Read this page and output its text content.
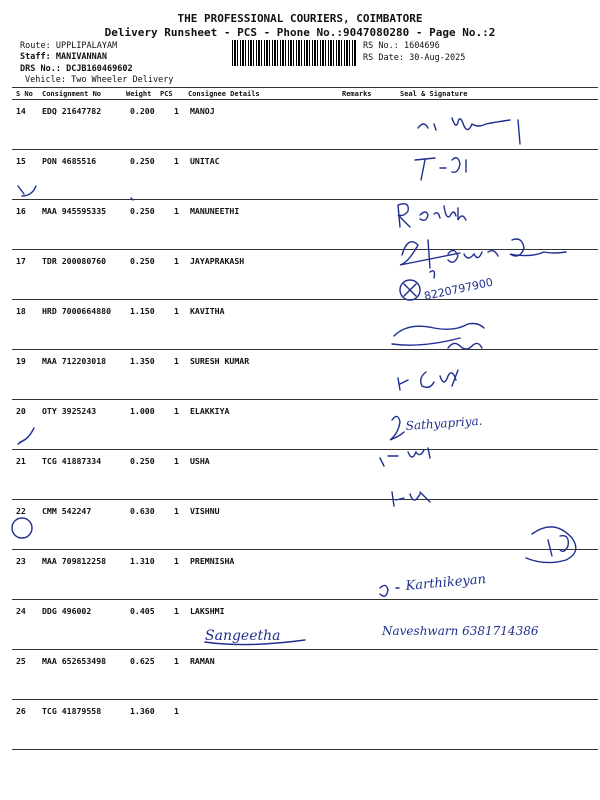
THE PROFESSIONAL COURIERS, COIMBATORE
Delivery Runsheet - PCS - Phone No.:9047080280 - Page No.:2
Route: UPPLIPALAYAM
Staff: MANIVANNAN
DRS No.: DCJB160469602
Vehicle: Two Wheeler Delivery
RS No.: 1604696
RS Date: 30-Aug-2025
S No Consignment No	Weight PCS Consignee Details	Remarks	Seal & Signature
14 EDQ 21647782	0.200 1 MANOJ
15 PON 4685516	0.250 1 UNITAC
16 MAA 945595335	0.250 1 MANUNEETHI
17 TDR 200080760	0.250 1 JAYAPRAKASH
18 HRD 7000664880 1.150 1 KAVITHA
19 MAA 712203018	1.350 1 SURESH KUMAR
20 OTY 3925243	1.000 1 ELAKKIYA
21 TCG 41887334	0.250 1 USHA
22 CMM 542247	0.630 1 VISHNU
23 MAA 709812258	1.310 1 PREMNISHA
24 DDG 496002	0.405 1 LAKSHMI
25 MAA 652653498	0.625 1 RAMAN
26 TCG 41879558	1.360 1
8220797900
Sathyapriya.
Karthikeyan
Sangeetha	Naveshwarn 6381714386
